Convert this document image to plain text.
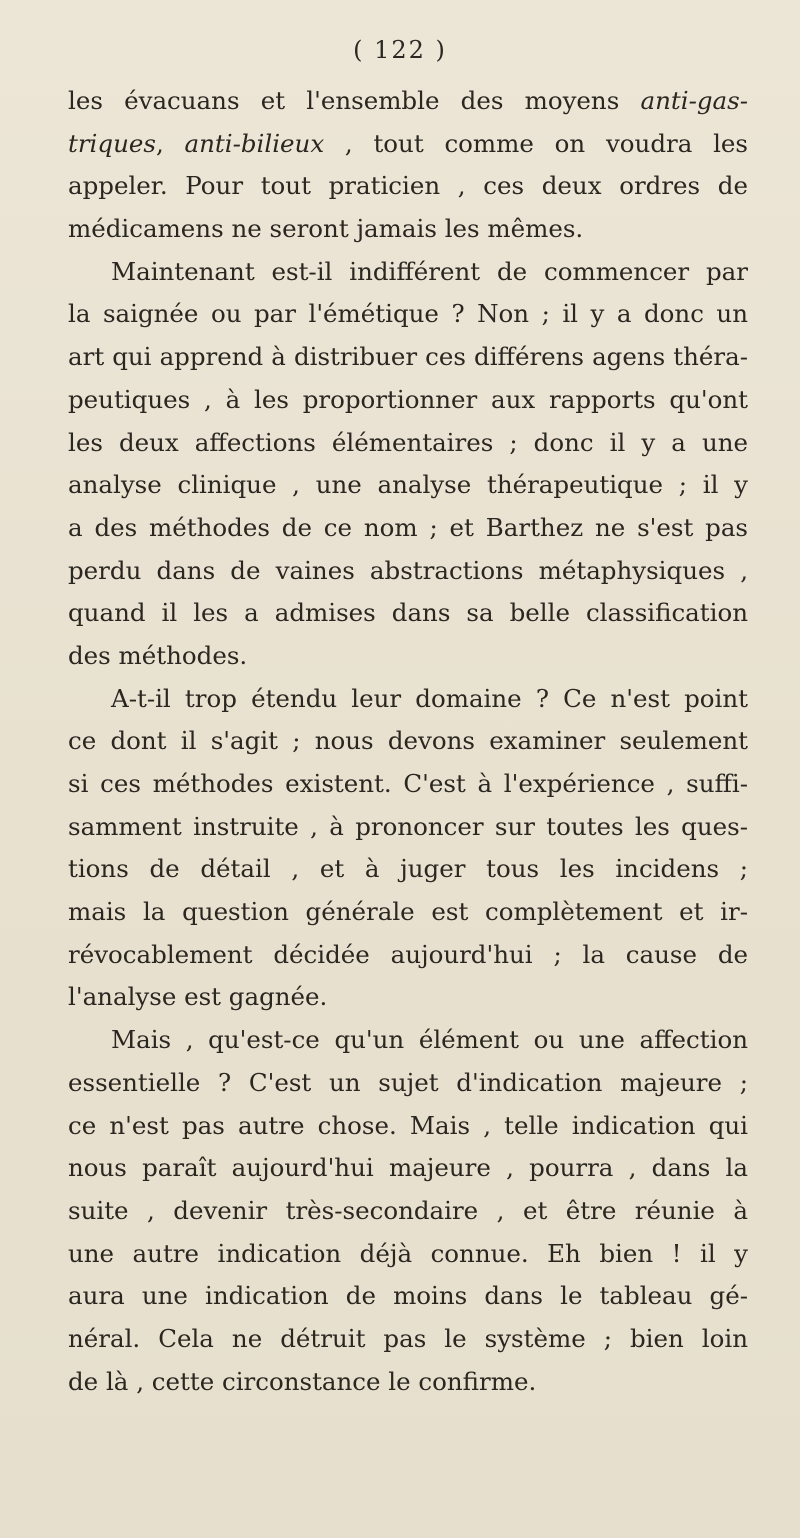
( 122 )
les évacuans et l'ensemble des moyens anti-gas-
triques, anti-bilieux , tout comme on voudra les
appeler. Pour tout praticien , ces deux ordres de
médicamens ne seront jamais les mêmes.
Maintenant est-il indifférent de commencer par
la saignée ou par l'émétique ? Non ; il y a donc un
art qui apprend à distribuer ces différens agens théra-
peutiques , à les proportionner aux rapports qu'ont
les deux affections élémentaires ; donc il y a une
analyse clinique , une analyse thérapeutique ; il y
a des méthodes de ce nom ; et Barthez ne s'est pas
perdu dans de vaines abstractions métaphysiques ,
quand il les a admises dans sa belle classification
des méthodes.
A-t-il trop étendu leur domaine ? Ce n'est point
ce dont il s'agit ; nous devons examiner seulement
si ces méthodes existent. C'est à l'expérience , suffi-
samment instruite , à prononcer sur toutes les ques-
tions de détail , et à juger tous les incidens ;
mais la question générale est complètement et ir-
révocablement décidée aujourd'hui ; la cause de
l'analyse est gagnée.
Mais , qu'est-ce qu'un élément ou une affection
essentielle ? C'est un sujet d'indication majeure ;
ce n'est pas autre chose. Mais , telle indication qui
nous paraît aujourd'hui majeure , pourra , dans la
suite , devenir très-secondaire , et être réunie à
une autre indication déjà connue. Eh bien ! il y
aura une indication de moins dans le tableau gé-
néral. Cela ne détruit pas le système ; bien loin
de là , cette circonstance le confirme.
